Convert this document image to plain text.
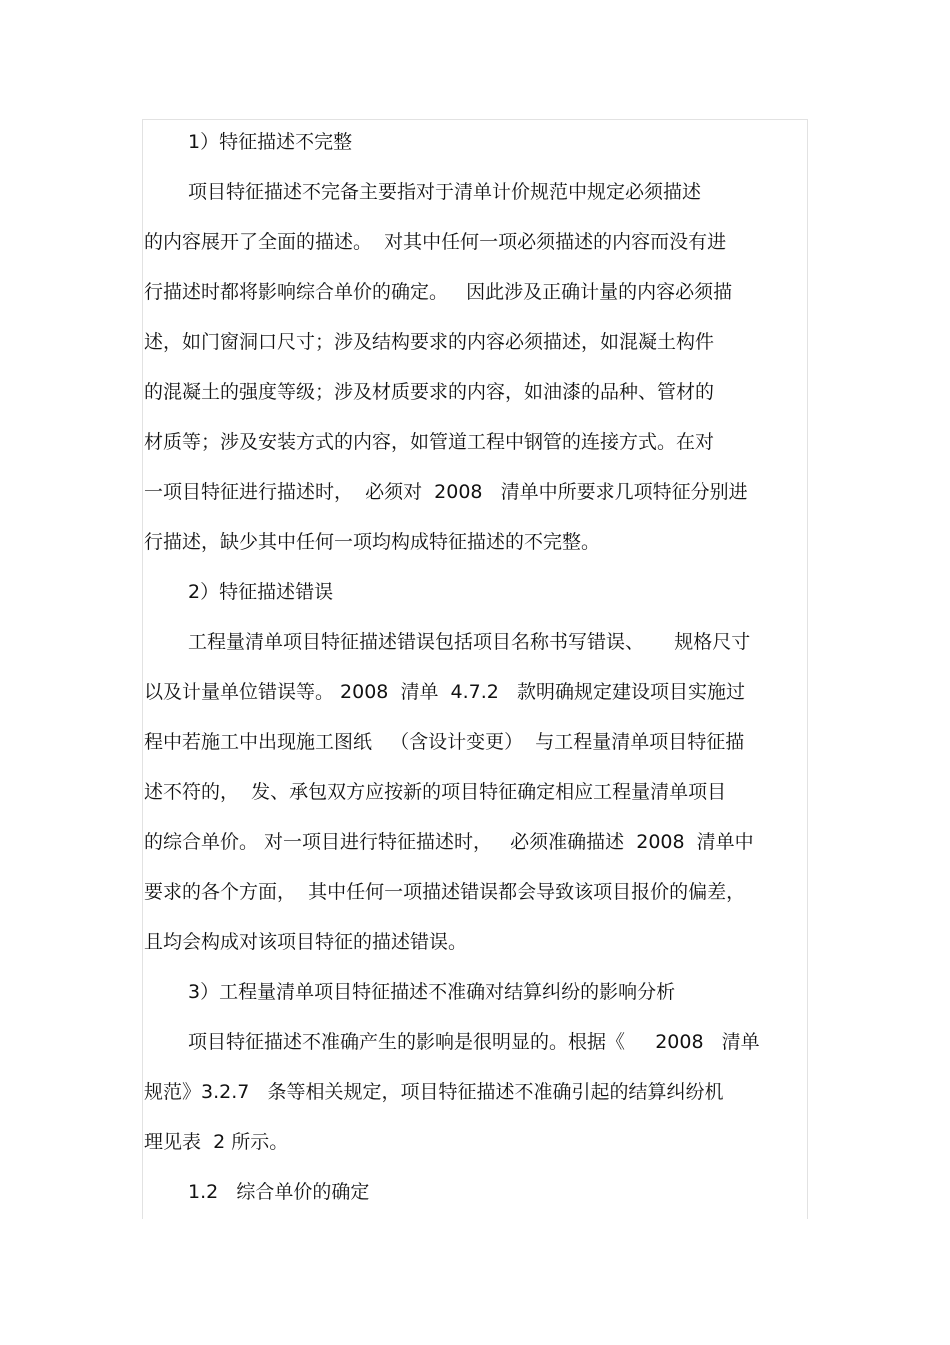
1）特征描述不完整
项目特征描述不完备主要指对于清单计价规范中规定必须描述
的内容展开了全面的描述。  对其中任何一项必须描述的内容而没有进
行描述时都将影响综合单价的确定。   因此涉及正确计量的内容必须描
述，如门窗洞口尺寸；涉及结构要求的内容必须描述，如混凝土构件
的混凝土的强度等级；涉及材质要求的内容，如油漆的品种、管材的
材质等；涉及安装方式的内容，如管道工程中钢管的连接方式。在对
一项目特征进行描述时，  必须对  2008   清单中所要求几项特征分别进
行描述，缺少其中任何一项均构成特征描述的不完整。
2）特征描述错误
工程量清单项目特征描述错误包括项目名称书写错误、     规格尺寸
以及计量单位错误等。 2008  清单  4.7.2   款明确规定建设项目实施过
程中若施工中出现施工图纸   （含设计变更）  与工程量清单项目特征描
述不符的，  发、承包双方应按新的项目特征确定相应工程量清单项目
的综合单价。 对一项目进行特征描述时，   必须准确描述  2008  清单中
要求的各个方面，  其中任何一项描述错误都会导致该项目报价的偏差，
且均会构成对该项目特征的描述错误。
3）工程量清单项目特征描述不准确对结算纠纷的影响分析
项目特征描述不准确产生的影响是很明显的。根据《     2008   清单
规范》3.2.7   条等相关规定，项目特征描述不准确引起的结算纠纷机
理见表  2 所示。
1.2   综合单价的确定
